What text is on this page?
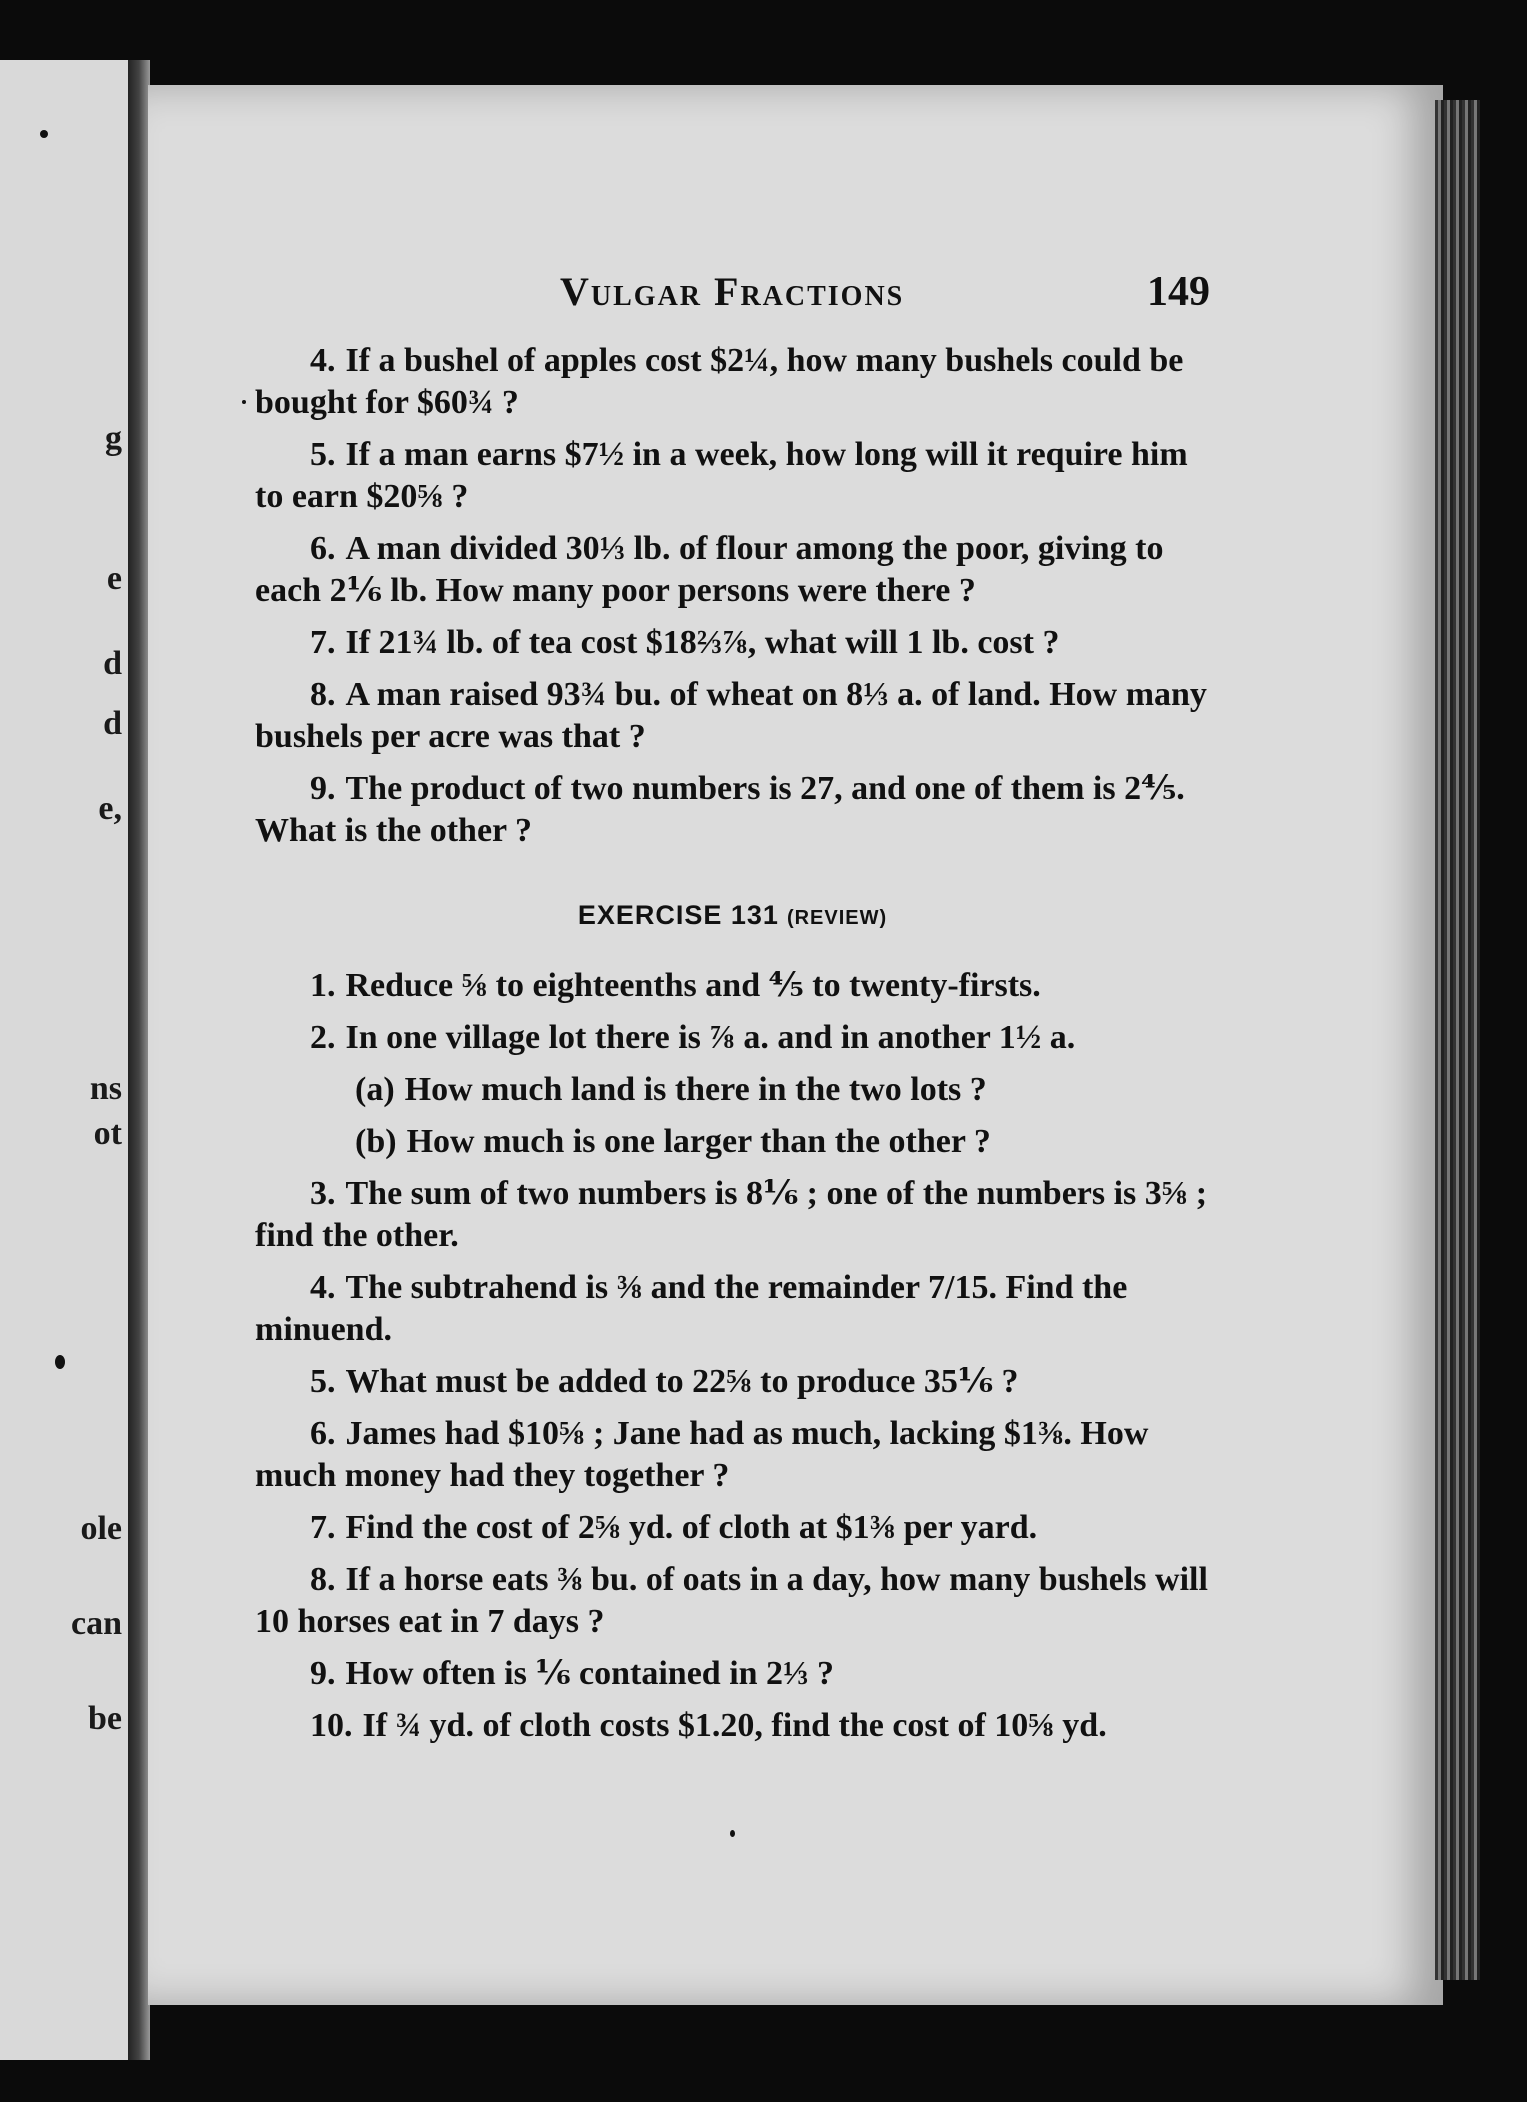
g
e
d
d
e,
ns
ot
ole
can
be
Vulgar Fractions	149

4. If a bushel of apples cost $2¼, how many bushels could be bought for $60¾ ?

5. If a man earns $7½ in a week, how long will it require him to earn $20⅝ ?

6. A man divided 30⅓ lb. of flour among the poor, giving to each 2⅙ lb. How many poor persons were there ?

7. If 21¾ lb. of tea cost $18⅔⅞, what will 1 lb. cost ?

8. A man raised 93¾ bu. of wheat on 8⅓ a. of land. How many bushels per acre was that ?

9. The product of two numbers is 27, and one of them is 2⅘. What is the other ?

EXERCISE 131 (REVIEW)

1. Reduce ⅝ to eighteenths and ⅘ to twenty-firsts.

2. In one village lot there is ⅞ a. and in another 1½ a.

(a) How much land is there in the two lots ?

(b) How much is one larger than the other ?

3. The sum of two numbers is 8⅙ ; one of the numbers is 3⅝ ; find the other.

4. The subtrahend is ⅜ and the remainder 7/15. Find the minuend.

5. What must be added to 22⅝ to produce 35⅙ ?

6. James had $10⅝ ; Jane had as much, lacking $1⅜. How much money had they together ?

7. Find the cost of 2⅝ yd. of cloth at $1⅜ per yard.

8. If a horse eats ⅜ bu. of oats in a day, how many bushels will 10 horses eat in 7 days ?

9. How often is ⅙ contained in 2⅓ ?

10. If ¾ yd. of cloth costs $1.20, find the cost of 10⅝ yd.
